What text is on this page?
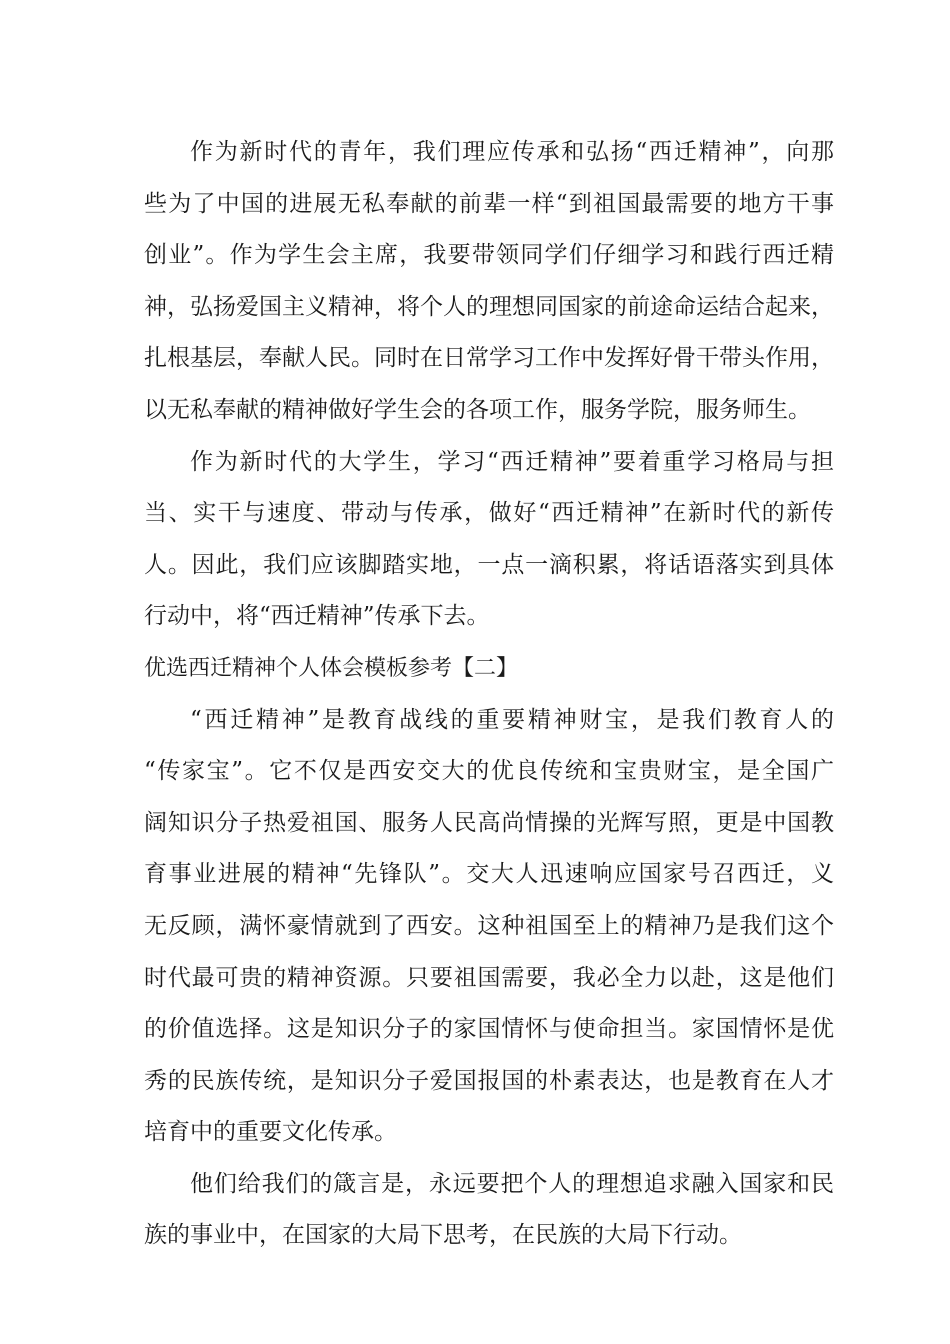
作为新时代的青年，我们理应传承和弘扬“西迁精神”，向那
些为了中国的进展无私奉献的前辈一样“到祖国最需要的地方干事
创业”。作为学生会主席，我要带领同学们仔细学习和践行西迁精
神，弘扬爱国主义精神，将个人的理想同国家的前途命运结合起来，
扎根基层，奉献人民。同时在日常学习工作中发挥好骨干带头作用，
以无私奉献的精神做好学生会的各项工作，服务学院，服务师生。
作为新时代的大学生，学习“西迁精神”要着重学习格局与担
当、实干与速度、带动与传承，做好“西迁精神”在新时代的新传
人。因此，我们应该脚踏实地，一点一滴积累，将话语落实到具体
行动中，将“西迁精神”传承下去。
优选西迁精神个人体会模板参考【二】
“西迁精神”是教育战线的重要精神财宝，是我们教育人的
“传家宝”。它不仅是西安交大的优良传统和宝贵财宝，是全国广
阔知识分子热爱祖国、服务人民高尚情操的光辉写照，更是中国教
育事业进展的精神“先锋队”。交大人迅速响应国家号召西迁，义
无反顾，满怀豪情就到了西安。这种祖国至上的精神乃是我们这个
时代最可贵的精神资源。只要祖国需要，我必全力以赴，这是他们
的价值选择。这是知识分子的家国情怀与使命担当。家国情怀是优
秀的民族传统，是知识分子爱国报国的朴素表达，也是教育在人才
培育中的重要文化传承。
他们给我们的箴言是，永远要把个人的理想追求融入国家和民
族的事业中，在国家的大局下思考，在民族的大局下行动。
